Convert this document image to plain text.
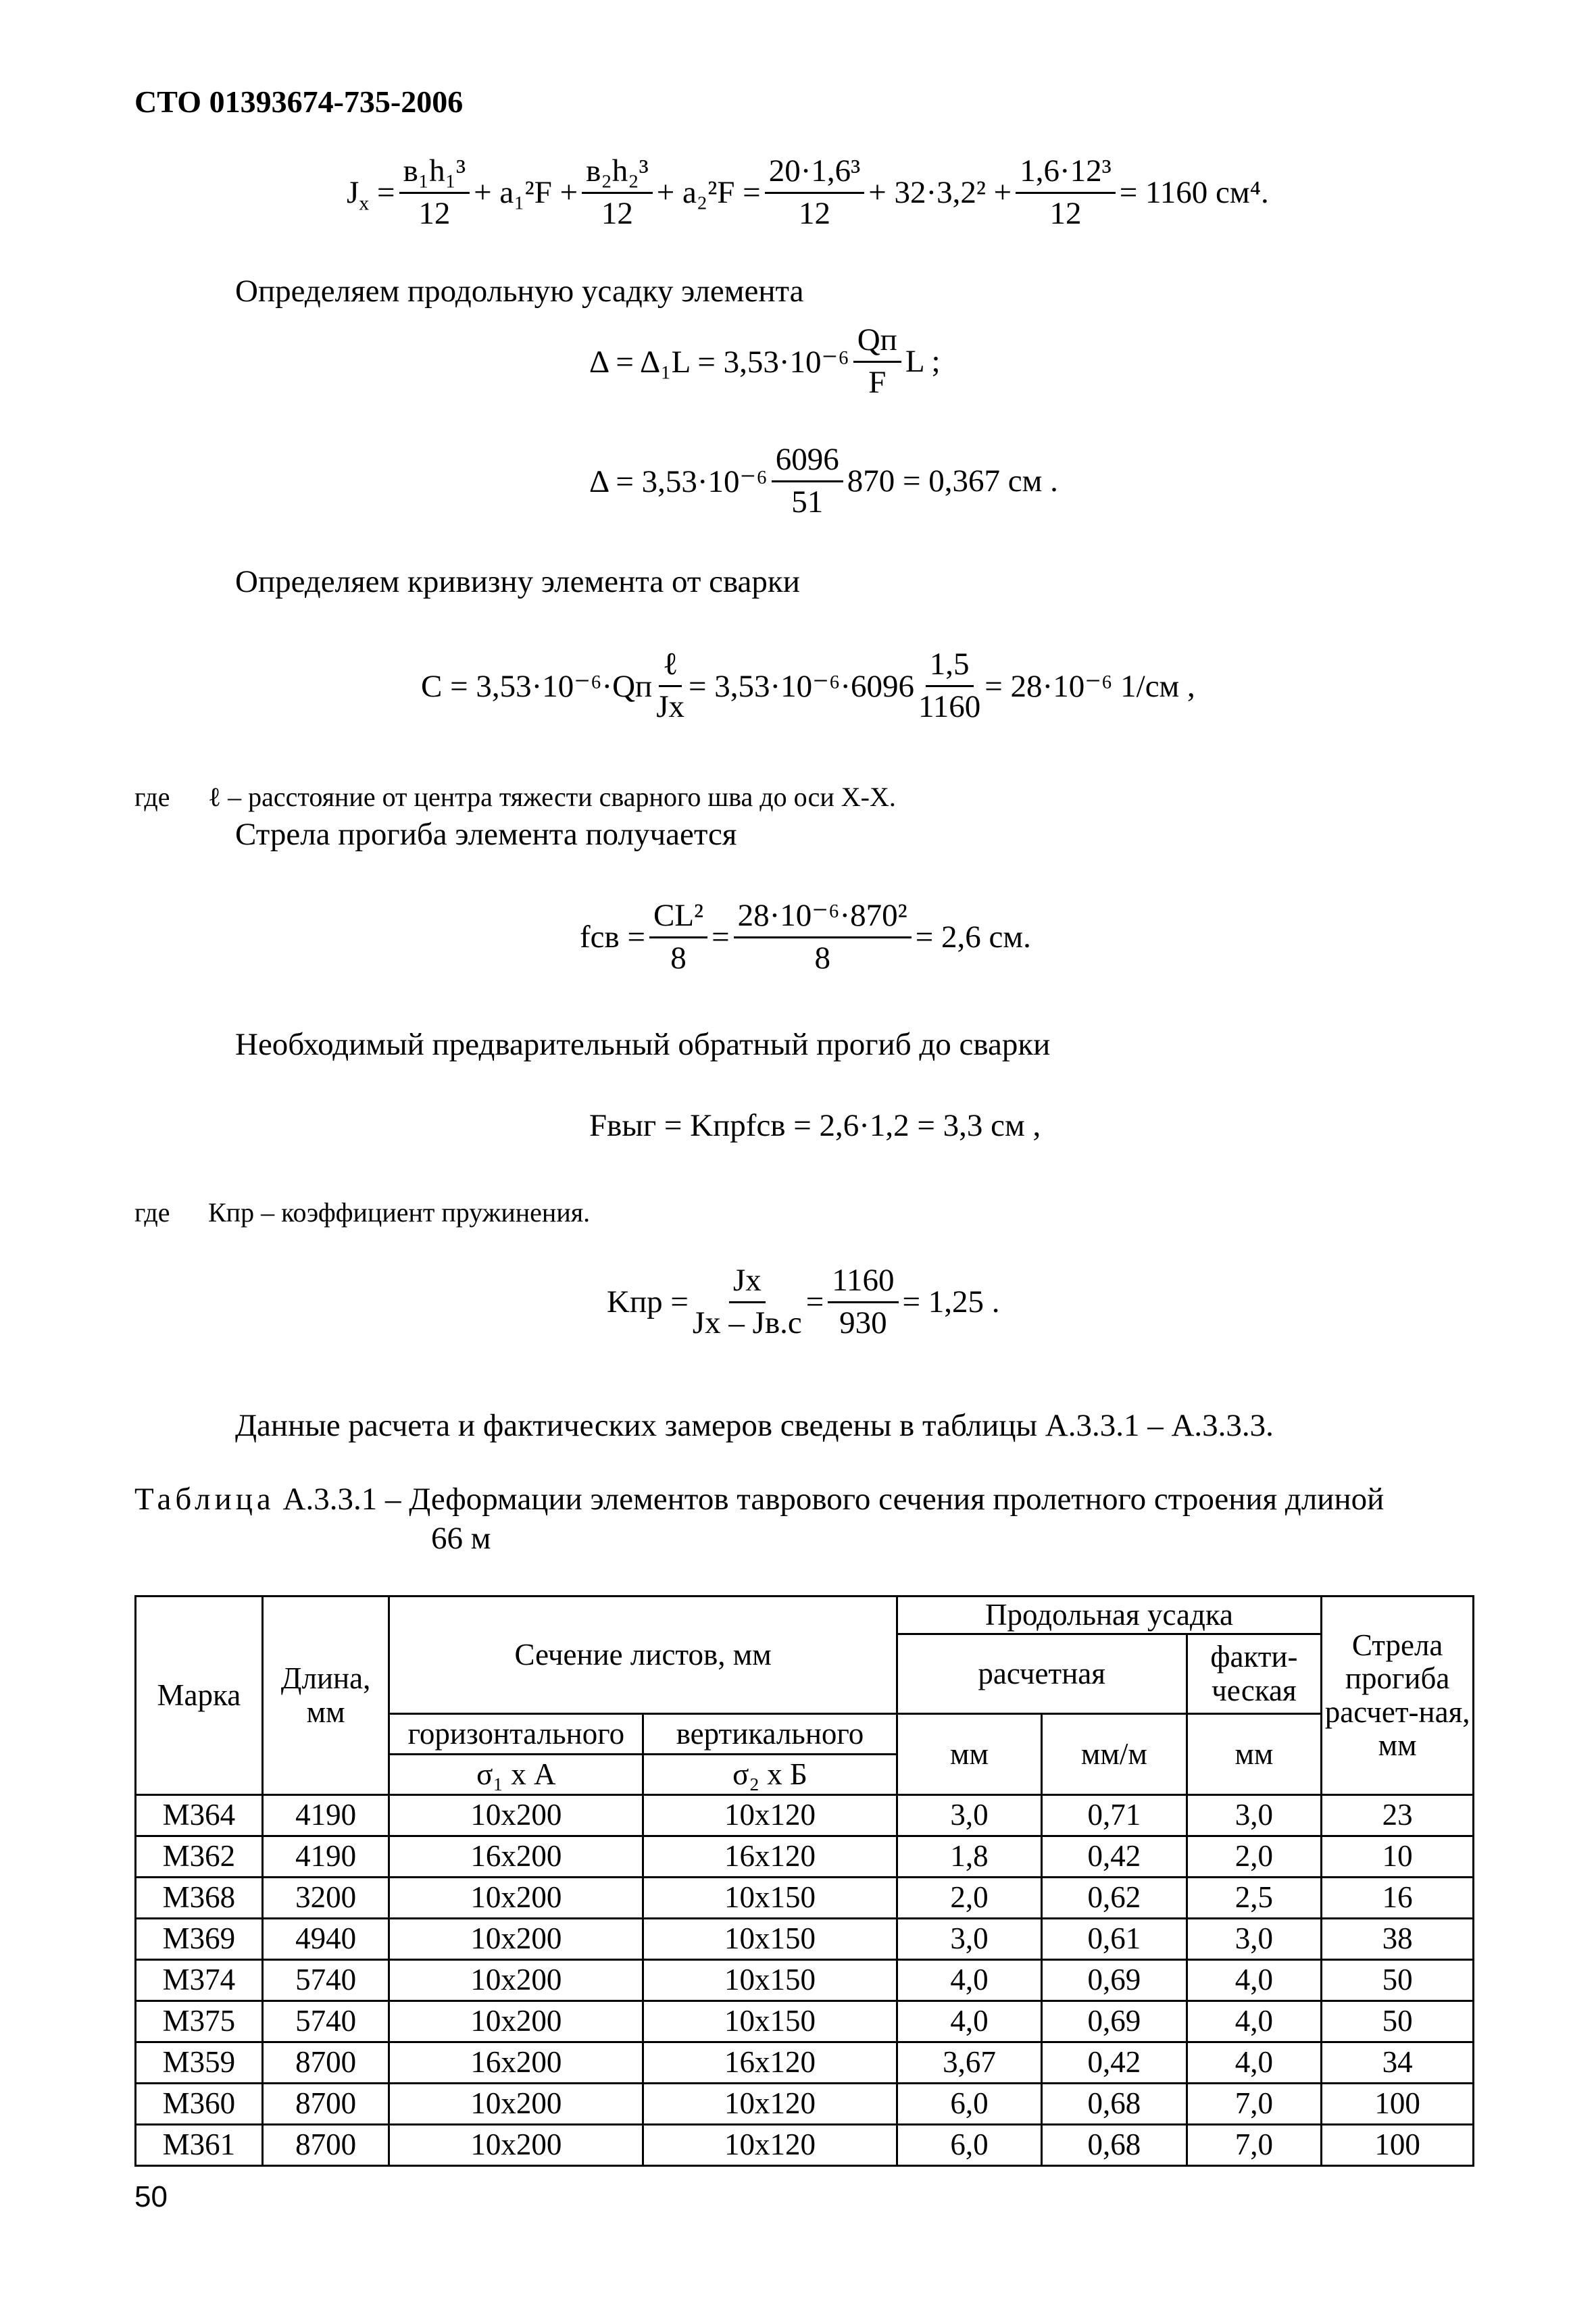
СТО 01393674-735-2006
$J_x = \frac{\text{в₁h₁³}}{12} + a_1^2F + \frac{\text{в₂h₂³}}{12} + a_2^2F = \frac{\text{20·1,6³}}{12} + 32\cdot 3,2^2 + \frac{\text{1,6·12³}}{12} = 1160$ см⁴.
Определяем продольную усадку элемента
$\Delta = \Delta_1L = 3,53\cdot 10^{-6} \frac{Qп}{F}$ L ;
$\Delta = 3,53\cdot 10^{-6} \frac{6096}{51} 870 = 0,367$ см .
Определяем кривизну элемента от сварки
$C = 3,53\cdot 10^{-6}\cdot Qп \frac{\text{ℓ}}{Jx} = 3,53\cdot 10^{-6}\cdot 6096 \frac{1,5}{1160} = 28\cdot 10^{-6}$ 1/см ,
где ℓ – расстояние от центра тяжести сварного шва до оси Х-Х.
Стрела прогиба элемента получается
fсв = $\frac{\text{CL²}}{8} = \frac{\text{28·10⁻⁶·870²}}{8} = 2,6$ см.
Необходимый предварительный обратный прогиб до сварки
Fвыг = Kпрfсв = 2,6·1,2 = 3,3 см ,
где Кпр – коэффициент пружинения.
Kпр = $\frac{Jx}{Jx - Jв.с} = \frac{1160}{930} = 1,25$ .
Данные расчета и фактических замеров сведены в таблицы А.3.3.1 – А.3.3.3.
Таблица А.3.3.1 – Деформации элементов таврового сечения пролетного строения длиной
66 м
Марка	Длина, мм	Сечение листов, мм		Продольная усадка			Стрела прогиба расчет-ная, мм
				расчетная		факти-ческая	
		горизонтального	вертикального	мм	мм/м	мм	
		σ₁ х А	σ₂ х Б				
М364	4190	10х200	10х120	3,0	0,71	3,0	23
М362	4190	16х200	16х120	1,8	0,42	2,0	10
М368	3200	10х200	10х150	2,0	0,62	2,5	16
М369	4940	10х200	10х150	3,0	0,61	3,0	38
М374	5740	10х200	10х150	4,0	0,69	4,0	50
М375	5740	10х200	10х150	4,0	0,69	4,0	50
М359	8700	16х200	16х120	3,67	0,42	4,0	34
М360	8700	10х200	10х120	6,0	0,68	7,0	100
М361	8700	10х200	10х120	6,0	0,68	7,0	100
50
